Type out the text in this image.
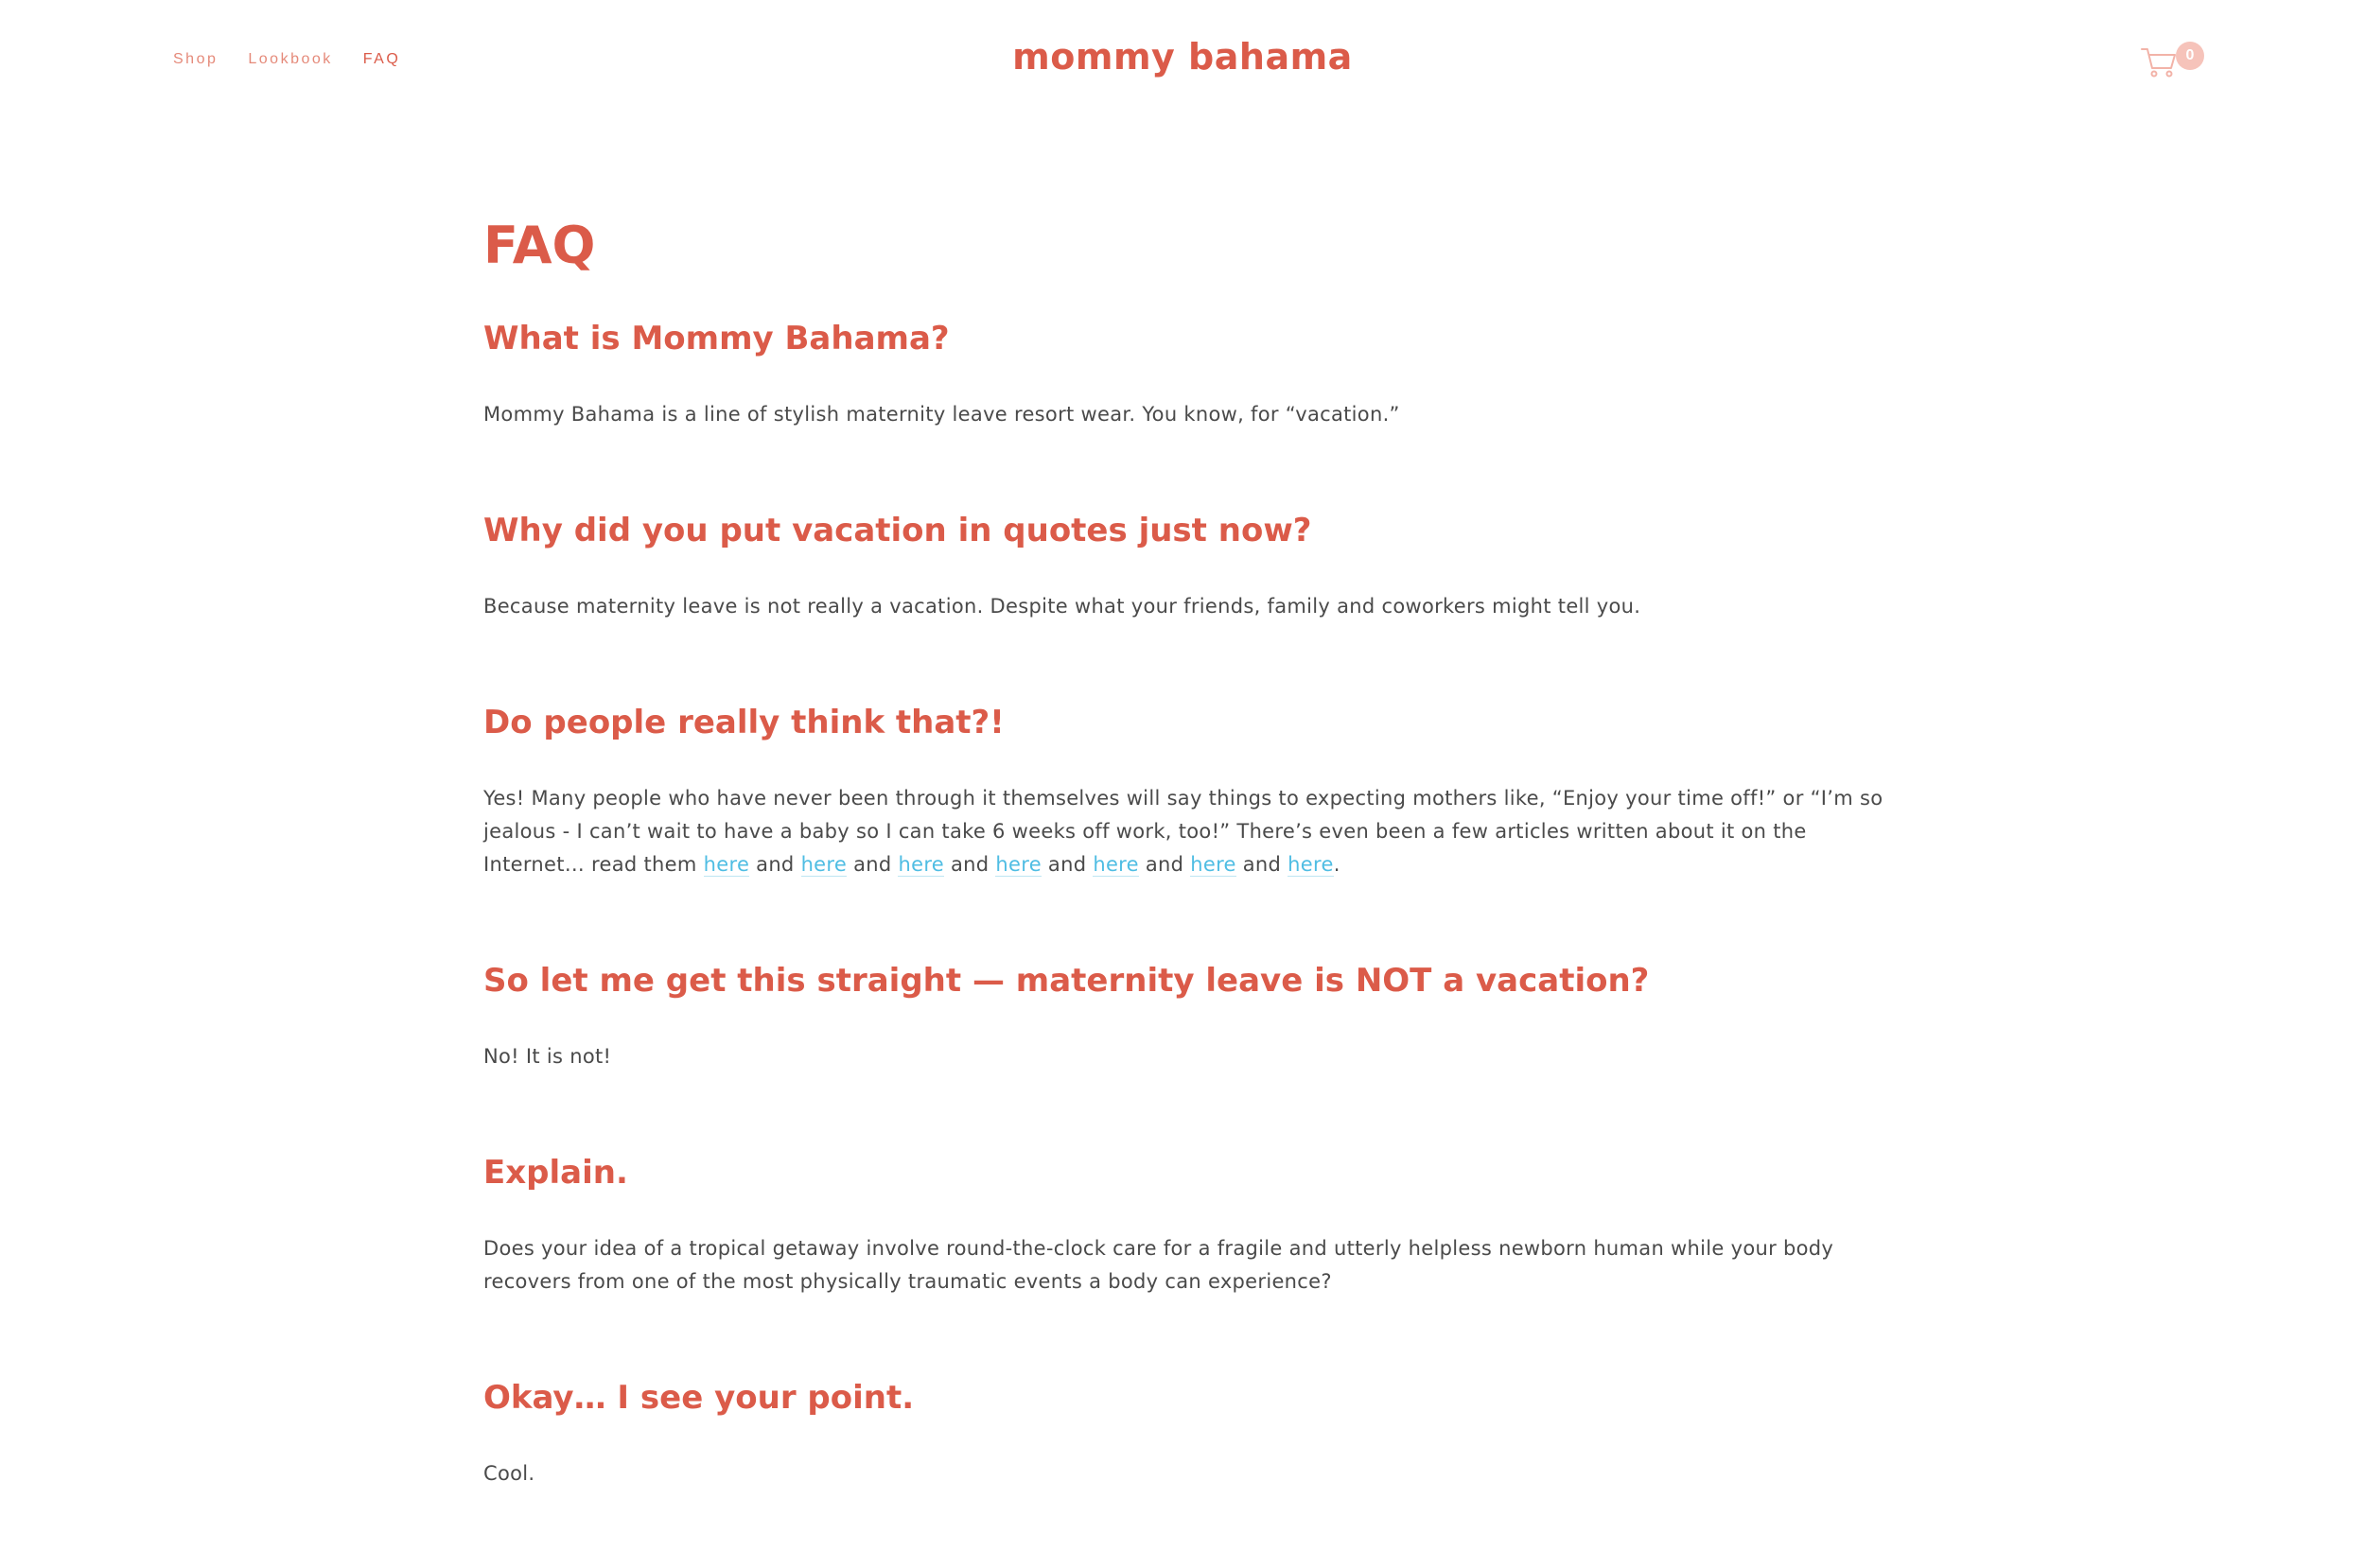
Shop Lookbook FAQ	mommy bahama	0
FAQ
What is Mommy Bahama?

Mommy Bahama is a line of stylish maternity leave resort wear. You know, for “vacation.”

Why did you put vacation in quotes just now?

Because maternity leave is not really a vacation. Despite what your friends, family and coworkers might tell you.

Do people really think that?!

Yes! Many people who have never been through it themselves will say things to expecting mothers like, “Enjoy your time off!” or “I’m so jealous - I can’t wait to have a baby so I can take 6 weeks off work, too!” There’s even been a few articles written about it on the Internet… read them here and here and here and here and here and here and here.

So let me get this straight — maternity leave is NOT a vacation?

No! It is not!

Explain.

Does your idea of a tropical getaway involve round-the-clock care for a fragile and utterly helpless newborn human while your body recovers from one of the most physically traumatic events a body can experience?

Okay… I see your point.

Cool.
